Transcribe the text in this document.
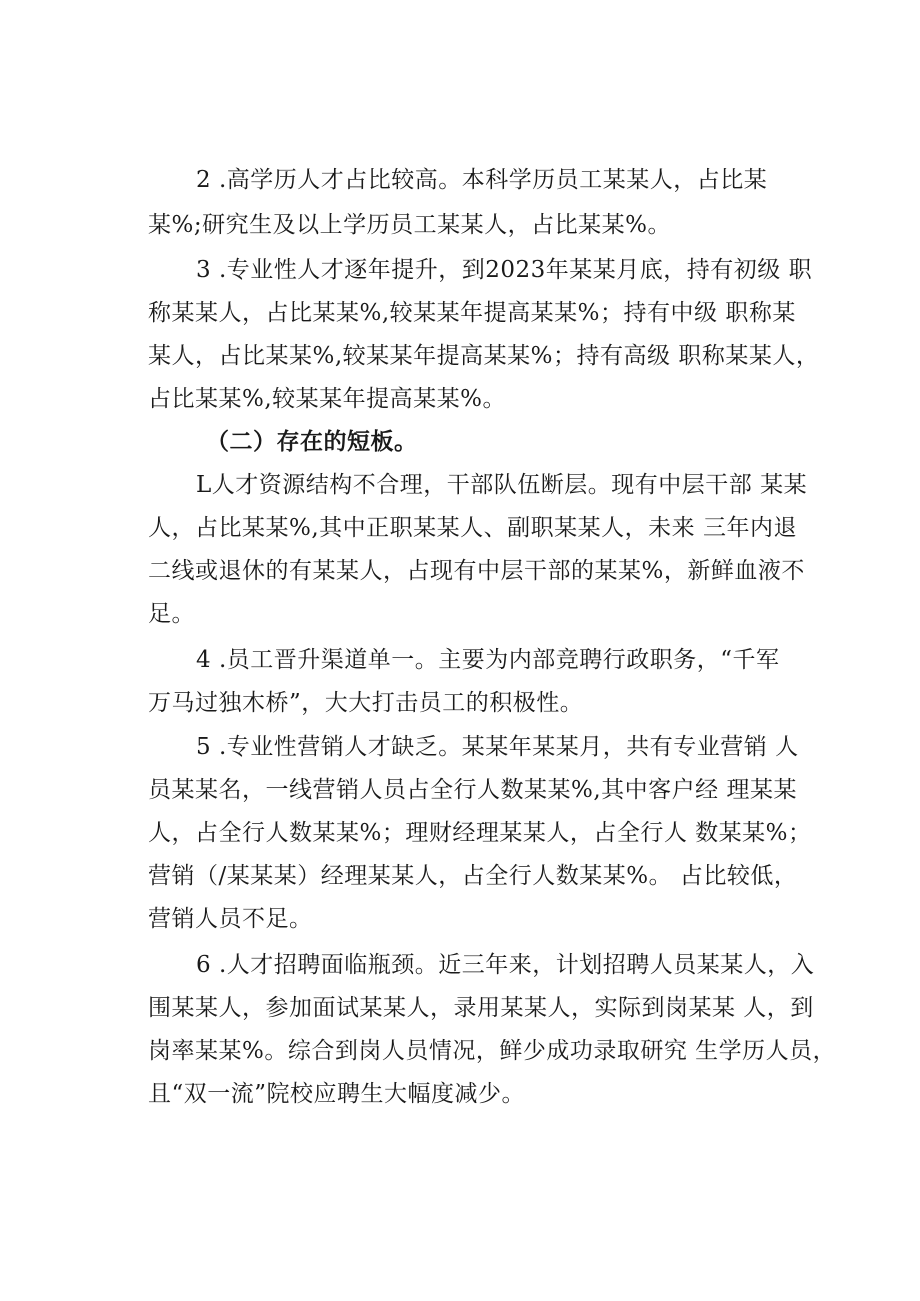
2 .高学历人才占比较高。本科学历员工某某人，占比某
某%;研究生及以上学历员工某某人，占比某某%。
3 .专业性人才逐年提升，到2023年某某月底，持有初级 职
称某某人，占比某某%,较某某年提高某某%；持有中级 职称某
某人，占比某某%,较某某年提高某某%；持有高级 职称某某人，
占比某某%,较某某年提高某某%。
（二）存在的短板。
L人才资源结构不合理，干部队伍断层。现有中层干部 某某
人，占比某某%,其中正职某某人、副职某某人，未来 三年内退
二线或退休的有某某人，占现有中层干部的某某%，新鲜血液不
足。
4 .员工晋升渠道单一。主要为内部竞聘行政职务，“千军
万马过独木桥”，大大打击员工的积极性。
5 .专业性营销人才缺乏。某某年某某月，共有专业营销 人
员某某名，一线营销人员占全行人数某某%,其中客户经 理某某
人，占全行人数某某%；理财经理某某人，占全行人 数某某%；
营销（/某某某）经理某某人，占全行人数某某%。 占比较低，
营销人员不足。
6 .人才招聘面临瓶颈。近三年来，计划招聘人员某某人，入
围某某人，参加面试某某人，录用某某人，实际到岗某某 人，到
岗率某某%。综合到岗人员情况，鲜少成功录取研究 生学历人员，
且“双一流”院校应聘生大幅度减少。
